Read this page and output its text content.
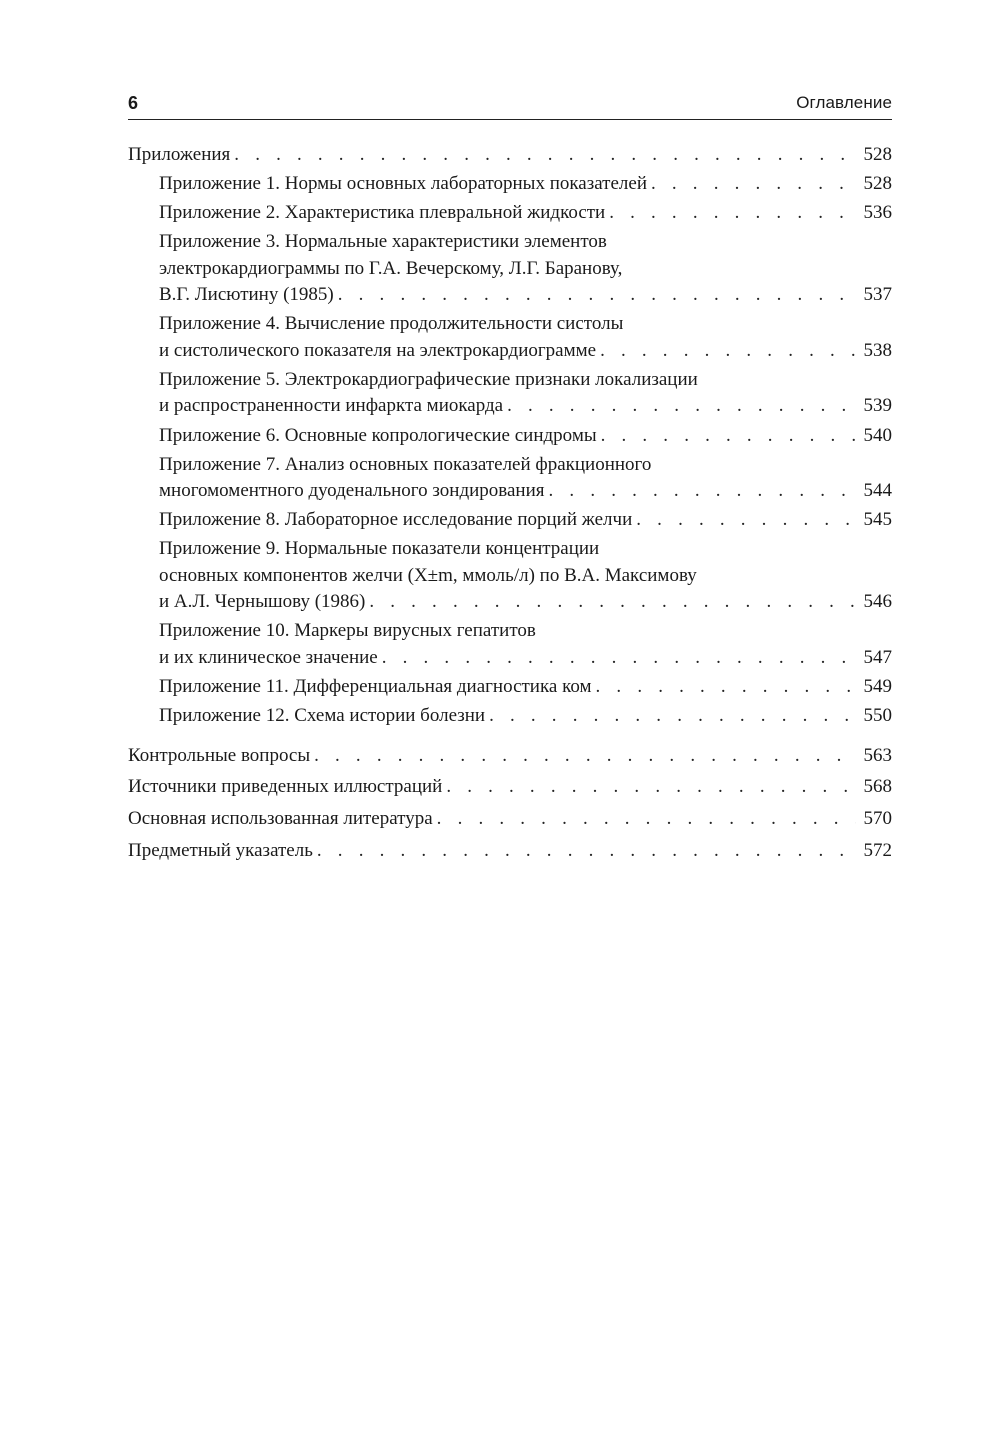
6	Оглавление
Приложения . . .	528
Приложение 1. Нормы основных лабораторных показателей . . .	528
Приложение 2. Характеристика плевральной жидкости . . .	536
Приложение 3. Нормальные характеристики элементов
электрокардиограммы по Г.А. Вечерскому, Л.Г. Баранову,
В.Г. Лисютину (1985) . . .	537
Приложение 4. Вычисление продолжительности систолы
и систолического показателя на электрокардиограмме . . .	538
Приложение 5. Электрокардиографические признаки локализации
и распространенности инфаркта миокарда . . .	539
Приложение 6. Основные копрологические синдромы . . .	540
Приложение 7. Анализ основных показателей фракционного
многомоментного дуоденального зондирования . . .	544
Приложение 8. Лабораторное исследование порций желчи . . .	545
Приложение 9. Нормальные показатели концентрации
основных компонентов желчи (X±m, ммоль/л) по В.А. Максимову
и А.Л. Чернышову (1986) . . .	546
Приложение 10. Маркеры вирусных гепатитов
и их клиническое значение . . .	547
Приложение 11. Дифференциальная диагностика ком . . .	549
Приложение 12. Схема истории болезни . . .	550
Контрольные вопросы . . .	563
Источники приведенных иллюстраций . . .	568
Основная использованная литература . . .	570
Предметный указатель . . .	572
